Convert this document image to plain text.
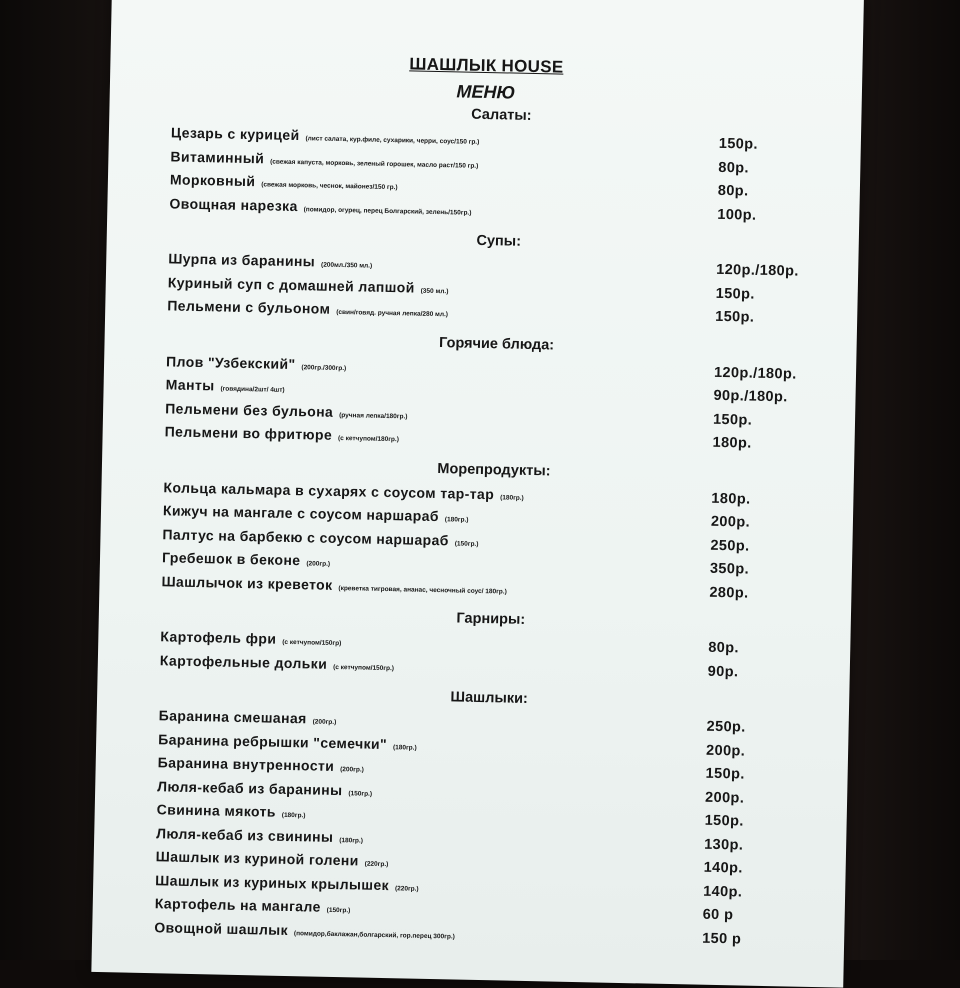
ШАШЛЫК HOUSE
МЕНЮ
Салаты:
Цезарь с курицей (лист салата, кур.филе, сухарики, черри, соус/150 гр.)	150р.
Витаминный (свежая капуста, морковь, зеленый горошек, масло раст/150 гр.)	80р.
Морковный (свежая морковь, чеснок, майонез/150 гр.)	80р.
Овощная нарезка (помидор, огурец, перец Болгарский, зелень/150гр.)	100р.
Супы:
Шурпа из баранины (200мл./350 мл.)	120р./180р.
Куриный суп с домашней лапшой (350 мл.)	150р.
Пельмени с бульоном (свин/говяд. ручная лепка/280 мл.)	150р.
Горячие блюда:
Плов "Узбекский" (200гр./300гр.)	120р./180р.
Манты (говядина/2шт/ 4шт)	90р./180р.
Пельмени без бульона (ручная лепка/180гр.)	150р.
Пельмени во фритюре (с кетчупом/180гр.)	180р.
Морепродукты:
Кольца кальмара в сухарях с соусом тар-тар (180гр.)	180р.
Кижуч на мангале с соусом наршараб (180гр.)	200р.
Палтус на барбекю с соусом наршараб (150гр.)	250р.
Гребешок в беконе (200гр.)	350р.
Шашлычок из креветок (креветка тигровая, ананас, чесночный соус/ 180гр.)	280р.
Гарниры:
Картофель фри (с кетчупом/150гр)	80р.
Картофельные дольки (с кетчупом/150гр.)	90р.
Шашлыки:
Баранина смешаная (200гр.)	250р.
Баранина ребрышки "семечки" (180гр.)	200р.
Баранина внутренности (200гр.)	150р.
Люля-кебаб из баранины (150гр.)	200р.
Свинина мякоть (180гр.)	150р.
Люля-кебаб из свинины (180гр.)	130р.
Шашлык из куриной голени (220гр.)	140р.
Шашлык из куриных крылышек (220гр.)	140р.
Картофель на мангале (150гр.)	60 р
Овощной шашлык (помидор,баклажан,болгарский, гор.перец 300гр.)	150 р
